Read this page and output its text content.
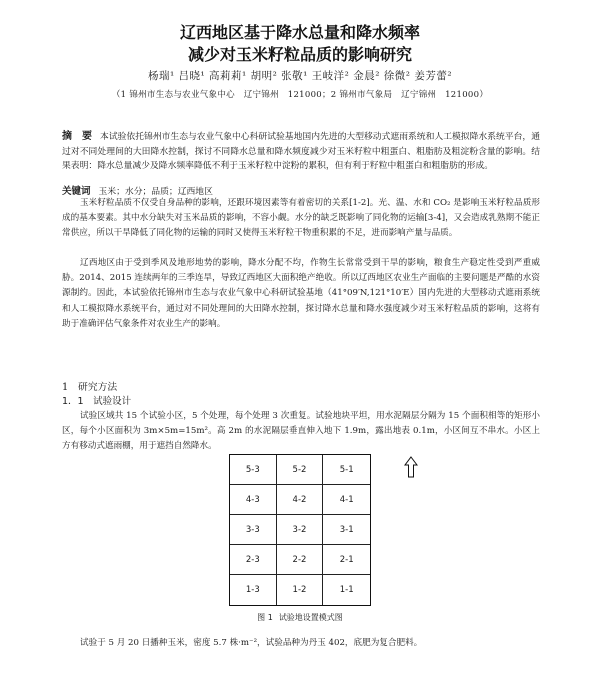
辽西地区基于降水总量和降水频率
减少对玉米籽粒品质的影响研究
杨瑞¹ 吕晓¹ 高莉莉¹ 胡明² 张敬¹ 王岐洋² 金晨² 徐微² 姜芳蕾²
（1 锦州市生态与农业气象中心　辽宁锦州　121000；2 锦州市气象局　辽宁锦州　121000）
摘　要 本试验依托锦州市生态与农业气象中心科研试验基地国内先进的大型移动式遮雨系统和人工模拟降水系统平台，通过对不同处理间的大田降水控制，探讨不同降水总量和降水频度减少对玉米籽粒中粗蛋白、粗脂肪及粗淀粉含量的影响。结果表明：降水总量减少及降水频率降低不利于玉米籽粒中淀粉的累积，但有利于籽粒中粗蛋白和粗脂肪的形成。
关键词 玉米；水分；品质；辽西地区
玉米籽粒品质不仅受自身品种的影响，还跟环境因素等有着密切的关系[1-2]。光、温、水和 CO₂ 是影响玉米籽粒品质形成的基本要素。其中水分缺失对玉米品质的影响，不容小觑。水分的缺乏既影响了同化物的运输[3-4]，又会造成乳熟期不能正常供应，所以干旱降低了同化物的运输的同时又使得玉米籽粒干物重积累的不足，进而影响产量与品质。
辽西地区由于受到季风及地形地势的影响，降水分配不均，作物生长常常受到干旱的影响，粮食生产稳定性受到严重威胁。2014、2015 连续两年的三季连旱，导致辽西地区大面积绝产绝收。所以辽西地区农业生产面临的主要问题是严酷的水资源制约。因此，本试验依托锦州市生态与农业气象中心科研试验基地（41°09′N,121°10′E）国内先进的大型移动式遮雨系统和人工模拟降水系统平台，通过对不同处理间的大田降水控制，探讨降水总量和降水强度减少对玉米籽粒品质的影响，这将有助于准确评估气象条件对农业生产的影响。
1　研究方法
1．1　试验设计
试验区域共 15 个试验小区，5 个处理，每个处理 3 次重复。试验地块平坦，用水泥隔层分隔为 15 个面积相等的矩形小区，每个小区面积为 3m×5m=15m²。高 2m 的水泥隔层垂直伸入地下 1.9m，露出地表 0.1m，小区间互不串水。小区上方有移动式遮雨棚，用于遮挡自然降水。
5-3	5-2	5-1
4-3	4-2	4-1
3-3	3-2	3-1
2-3	2-2	2-1
1-3	1-2	1-1
图 1 试验地设置模式图
试验于 5 月 20 日播种玉米，密度 5.7 株·m⁻²，试验品种为丹玉 402，底肥为复合肥料。
